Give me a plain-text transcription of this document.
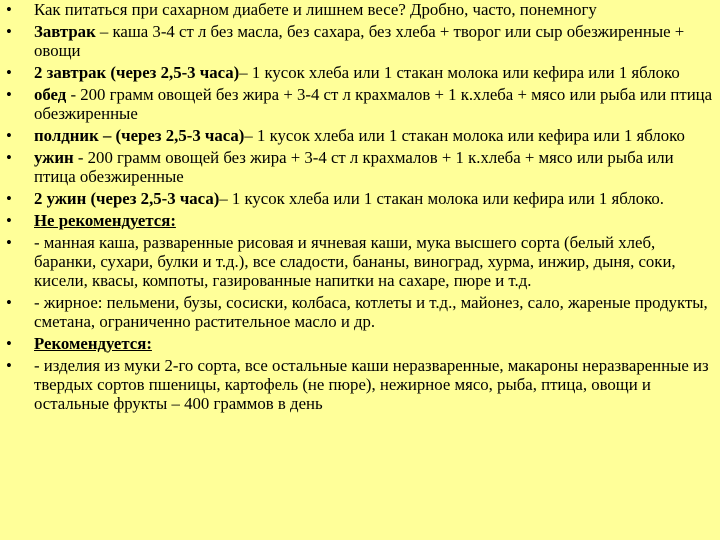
•	Как питаться при сахарном диабете и лишнем весе? Дробно, часто, понемногу
•	Завтрак – каша 3-4 ст л без масла, без сахара, без хлеба + творог или сыр обезжиренные + овощи
•	2 завтрак (через 2,5-3 часа)– 1 кусок хлеба или 1 стакан молока или кефира или 1 яблоко
•	обед - 200 грамм овощей без жира + 3-4 ст л крахмалов + 1 к.хлеба + мясо или рыба или птица обезжиренные
•	полдник – (через 2,5-3 часа)– 1 кусок хлеба или 1 стакан молока или кефира или 1 яблоко
•	ужин - 200 грамм овощей без жира + 3-4 ст л крахмалов + 1 к.хлеба + мясо или рыба или птица обезжиренные
•	2 ужин (через 2,5-3 часа)– 1 кусок хлеба или 1 стакан молока или кефира или 1 яблоко.
•	Не рекомендуется:
•	- манная каша, разваренные рисовая и ячневая каши, мука высшего сорта (белый хлеб, баранки, сухари, булки и т.д.), все сладости, бананы, виноград, хурма, инжир, дыня, соки, кисели, квасы, компоты, газированные напитки на сахаре, пюре и т.д.
•	- жирное: пельмени, бузы, сосиски, колбаса, котлеты и т.д., майонез, сало, жареные продукты, сметана, ограниченно растительное масло и др.
•	Рекомендуется:
•	- изделия из муки 2-го сорта, все остальные каши неразваренные, макароны неразваренные из твердых сортов пшеницы, картофель (не пюре), нежирное мясо, рыба, птица, овощи и остальные фрукты – 400 граммов в день
